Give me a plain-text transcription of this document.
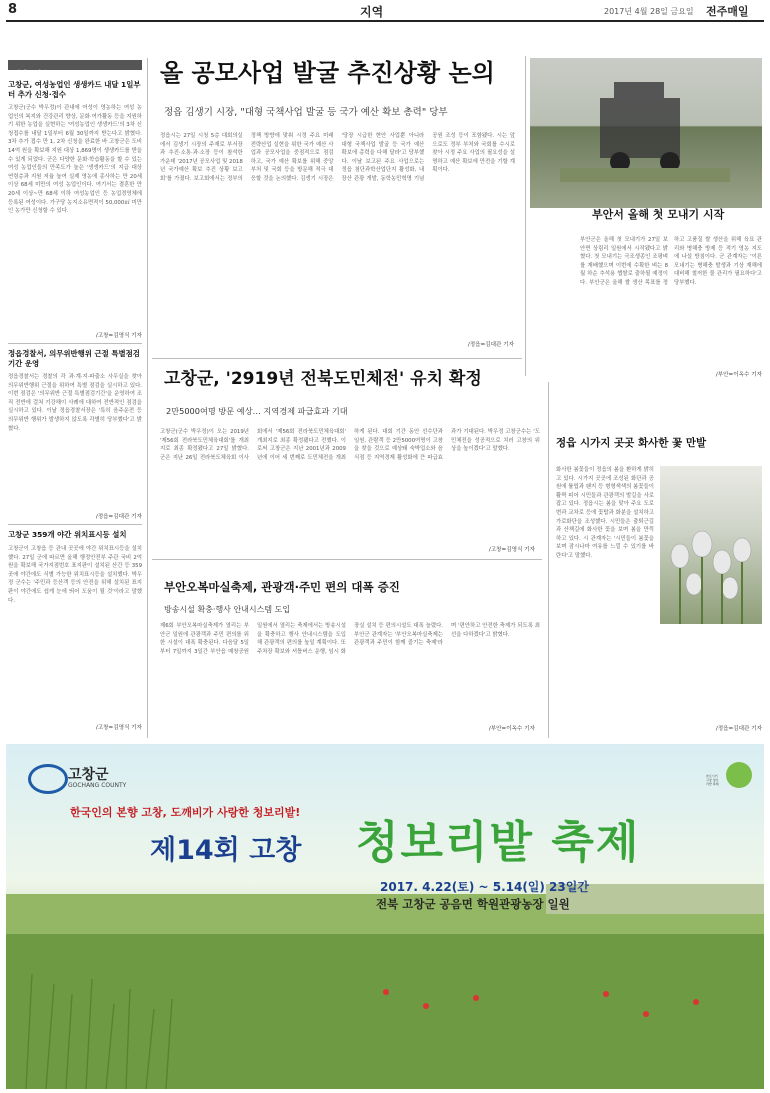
8	지역	2017년 4월 28일 금요일 전주매일
지역 소식들
고창군, 여성농업인 생생카드 내달 1일부터 추가 신청·접수
고창군(군수 박우정)이 관내에 여성이 영농하는 여성 농업인의 복지와 건강관리 향상, 문화·여가활동 등을 지원하기 위한 농업을 실현하는 '여성농업인 생생카드'의 3차 신청접수를 내달 1일부터 6월 30일까지 받는다고 밝혔다. 3차 추가 접수 만 1, 2차 신청을 완료한 바 고창군은 도비 14억 원을 확보해 지원 대상 1,869명이 생생카드를 받을 수 있게 되었다. 군은 다양한 문화·학습활동을 할 수 있는 여성 농업인들의 만족도가 높은 '생생카드'의 지급 대상 연령층과 지원 저율 높여 실제 영농에 종사하는 만 20세 이상 68세 미만의 여성 농업인이다. 여기서는 결혼한 만 20세 이상~만 68세 이하 여성농업인 등 농업경영체에 등록된 여성이다. 가구당 농지소유면적이 50,000㎡ 미만인 농가만 신청할 수 있다.
/고창=김영식 기자
정읍경찰서, 의무위반행위 근절 특별점검기간 운영
정읍경찰서는 경찰의 각 과·계·지·파출소 사무실을 찾아 의무위반행위 근절을 위하여 특별 점검을 실시하고 있다. 이번 점검은 '의무위반 근절 특별점검기간'을 운영하여 조직 전반에 걸쳐 기강해이 사례에 대하여 전반적인 점검을 실시하고 있다. 이날 정읍경찰서장은 '특히 음주운전 등 의무위반 행위가 발생하지 않도록 각별히 당부했다'고 밝혔다.
/정읍=김대관 기자
고창군 359개 야간 위치표시등 설치
고창군이 고창읍 등 관내 곳곳에 야간 위치표시등을 설치했다. 27일 군에 따르면 올해 행정안전부 주관 국비 2억 원을 확보해 국가지점번호 표지판이 설치된 산간 등 359곳에 야간에도 식별 가능한 위치표시등을 설치했다. 박우정 군수는 '주민과 등산객 등의 안전을 위해 설치된 표지판이 야간에도 쉽게 눈에 띄어 도움이 될 것'이라고 말했다.
/고창=김영식 기자
올 공모사업 발굴 추진상황 논의
정읍 김생기 시장, "대형 국책사업 발굴 등 국가 예산 확보 총력" 당부
정읍시는 27일 시청 5층 대회의실에서 김생기 시장의 주재로 부서장과 추진·소통·과·소장 등이 참석한 가운데 '2017년 공모사업 및 2018년 국가예산 확보 추진 상황 보고회'를 가졌다. 보고회에서는 정부의 정책 방향에 맞춰 시정 주요 미래 전략산업 실현을 위한 국가 예산 사업과 공모사업을 중점적으로 점검하고, 국가 예산 확보를 위해 중앙부처 및 국회 등을 방문해 적극 대응할 것을 논의했다. 김생기 시장은 '당장 시급한 현안 사업뿐 아니라 대형 국책사업 발굴 등 국가 예산 확보에 총력을 다해 달라'고 당부했다. 이날 보고된 주요 사업으로는 정읍 첨단과학산업단지 활성화, 내장산 관광 개발, 동학농민혁명 기념공원 조성 등이 포함됐다. 시는 앞으로도 정부 부처와 국회를 수시로 찾아 시정 주요 사업의 필요성을 설명하고 예산 확보에 만전을 기할 계획이다.
/정읍=김대관 기자
부안서 올해 첫 모내기 시작
부안군은 올해 첫 모내기가 27일 보안면 상림리 일원에서 시작됐다고 밝혔다. 첫 모내기는 극조생종인 조평벼를 재배했으며 이번에 수확한 벼는 8월 하순 추석용 햅쌀로 출하될 예정이다. 부안군은 올해 쌀 생산 목표를 정하고 고품질 쌀 생산을 위해 육묘 관리와 병해충 방제 등 적기 영농 지도에 나설 방침이다. 군 관계자는 '이른 모내기는 병해충 발생과 기상 재해에 대비해 철저한 물 관리가 필요하다'고 당부했다.
/부안=이옥수 기자
고창군, '2919년 전북도민체전' 유치 확정
2만5000여명 방문 예상… 지역경제 파급효과 기대
고창군(군수 박우정)이 오는 2019년 '제56회 전라북도민체육대회'를 개최지로 최종 확정됐다고 27일 밝혔다. 군은 지난 26일 전라북도체육회 이사회에서 '제56회 전라북도민체육대회' 개최지로 최종 확정됐다고 전했다. 이로써 고창군은 지난 2001년과 2009년에 이어 세 번째로 도민체전을 개최하게 된다. 대회 기간 동안 선수단과 임원, 관람객 등 2만5000여명이 고창을 찾을 것으로 예상돼 숙박업소와 음식점 등 지역경제 활성화에 큰 파급효과가 기대된다. 박우정 고창군수는 '도민체전을 성공적으로 치러 고창의 위상을 높이겠다'고 말했다.
/고창=김영식 기자
부안오복마실축제, 관광객·주민 편의 대폭 증진
방송시설 확충·행사 안내시스템 도입
제6회 부안오복마실축제가 열리는 부안군 일원에 관광객과 주민 편의를 위한 시설이 대폭 확충된다. 다음달 5일부터 7일까지 3일간 부안읍 매창공원 일원에서 열리는 축제에서는 방송시설을 확충하고 행사 안내시스템을 도입해 관광객의 편의를 높일 계획이다. 또 주차장 확보와 셔틀버스 운행, 임시 화장실 설치 등 편의시설도 대폭 늘렸다. 부안군 관계자는 '부안오복마실축제는 관광객과 주민이 함께 즐기는 축제'라며 '편안하고 안전한 축제가 되도록 최선을 다하겠다'고 밝혔다.
/부안=이옥수 기자
정읍 시가지 곳곳 화사한 꽃 만발
화사한 봄꽃들이 정읍의 봄을 환하게 밝히고 있다. 시가지 곳곳에 조성된 화단과 공원에 튤립과 팬지 등 형형색색의 봄꽃들이 활짝 피어 시민들과 관광객의 발길을 사로잡고 있다. 정읍시는 봄을 맞아 주요 도로변과 교차로 등에 꽃탑과 화분을 설치하고 가로화단을 조성했다. 시민들은 출퇴근길과 산책길에 화사한 꽃을 보며 봄을 만끽하고 있다. 시 관계자는 '시민들이 봄꽃을 보며 잠시나마 여유를 느낄 수 있기를 바란다'고 말했다.
/정읍=김대관 기자
고창군
GOCHANG COUNTY
슬로시티 고창 청보리밭 축제
한국인의 본향 고창, 도깨비가 사랑한 청보리밭!
제14회 고창 청보리밭 축제
2017. 4.22(토) ~ 5.14(일) 23일간
전북 고창군 공음면 학원관광농장 일원
